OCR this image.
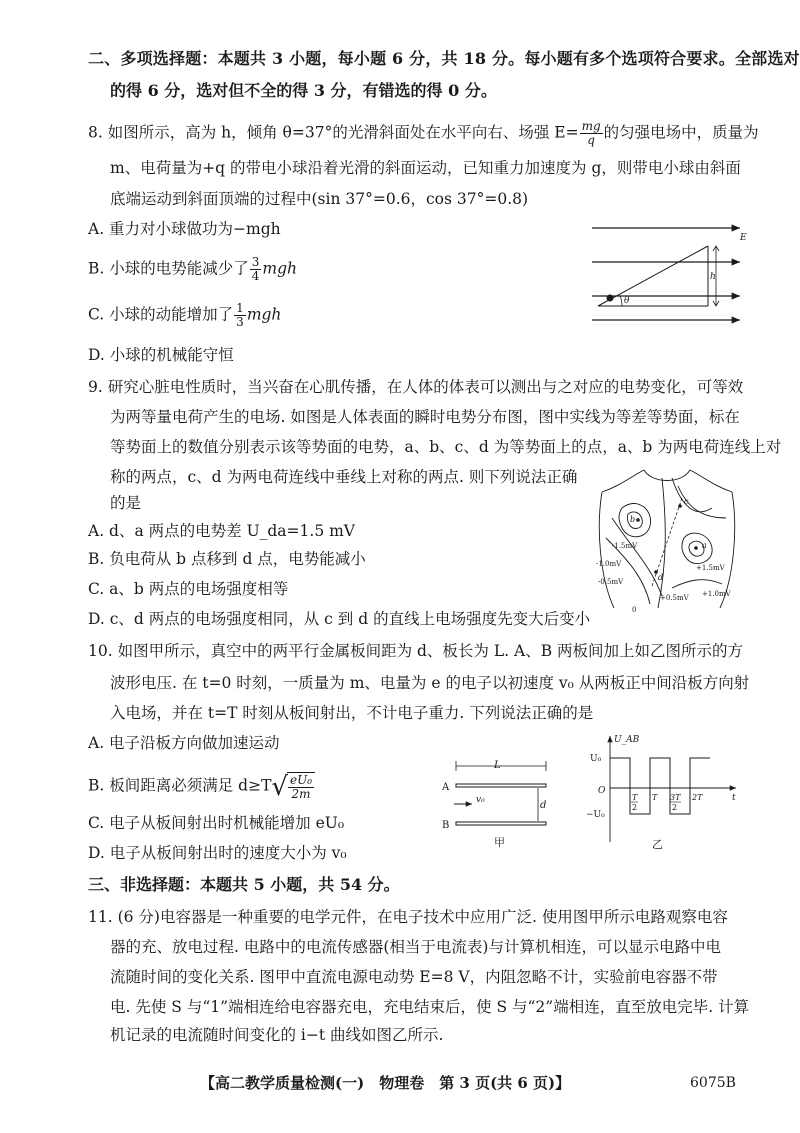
二、多项选择题：本题共 3 小题，每小题 6 分，共 18 分。每小题有多个选项符合要求。全部选对
的得 6 分，选对但不全的得 3 分，有错选的得 0 分。
8. 如图所示，高为 h，倾角 θ=37°的光滑斜面处在水平向右、场强 $E= \frac{mg}{q}$ 的匀强电场中，质量为
m、电荷量为+q 的带电小球沿着光滑的斜面运动，已知重力加速度为 g，则带电小球由斜面
底端运动到斜面顶端的过程中(sin 37°=0.6，cos 37°=0.8)
A. 重力对小球做功为−mgh
B. 小球的电势能减少了 $\frac{3}{4}$ mgh
C. 小球的动能增加了 $\frac{1}{3}$ mgh
D. 小球的机械能守恒
θ
h
E
9. 研究心脏电性质时，当兴奋在心肌传播，在人体的体表可以测出与之对应的电势变化，可等效
为两等量电荷产生的电场. 如图是人体表面的瞬时电势分布图，图中实线为等差等势面，标在
等势面上的数值分别表示该等势面的电势，a、b、c、d 为等势面上的点，a、b 为两电荷连线上对
称的两点，c、d 为两电荷连线中垂线上对称的两点. 则下列说法正确
的是
A. d、a 两点的电势差 U_da=1.5 mV
B. 负电荷从 b 点移到 d 点，电势能减小
C. a、b 两点的电场强度相等
D. c、d 两点的电场强度相同，从 c 到 d 的直线上电场强度先变大后变小
b
a
c
d
-1.5mV
-1.0mV
-0.5mV
0
+0.5mV +1.0mV
+1.5mV
10. 如图甲所示，真空中的两平行金属板间距为 d、板长为 L. A、B 两板间加上如乙图所示的方
波形电压. 在 t=0 时刻，一质量为 m、电量为 e 的电子以初速度 v₀ 从两板正中间沿板方向射
入电场，并在 t=T 时刻从板间射出，不计电子重力. 下列说法正确的是
A. 电子沿板方向做加速运动
B. 板间距离必须满足 d≥T √ $\frac{\text{eU₀}}{2m}$
C. 电子从板间射出时机械能增加 eU₀
D. 电子从板间射出时的速度大小为 v₀
L
A
B
v₀	d
甲
U_AB
U₀
−U₀
O
T
2
T 3T
2
2T	t
乙
三、非选择题：本题共 5 小题，共 54 分。
11. (6 分)电容器是一种重要的电学元件，在电子技术中应用广泛. 使用图甲所示电路观察电容
器的充、放电过程. 电路中的电流传感器(相当于电流表)与计算机相连，可以显示电路中电
流随时间的变化关系. 图甲中直流电源电动势 E=8 V，内阻忽略不计，实验前电容器不带
电. 先使 S 与“1”端相连给电容器充电，充电结束后，使 S 与“2”端相连，直至放电完毕. 计算
机记录的电流随时间变化的 i−t 曲线如图乙所示.
【高二教学质量检测(一)　物理卷　第 3 页(共 6 页)】	6075B
